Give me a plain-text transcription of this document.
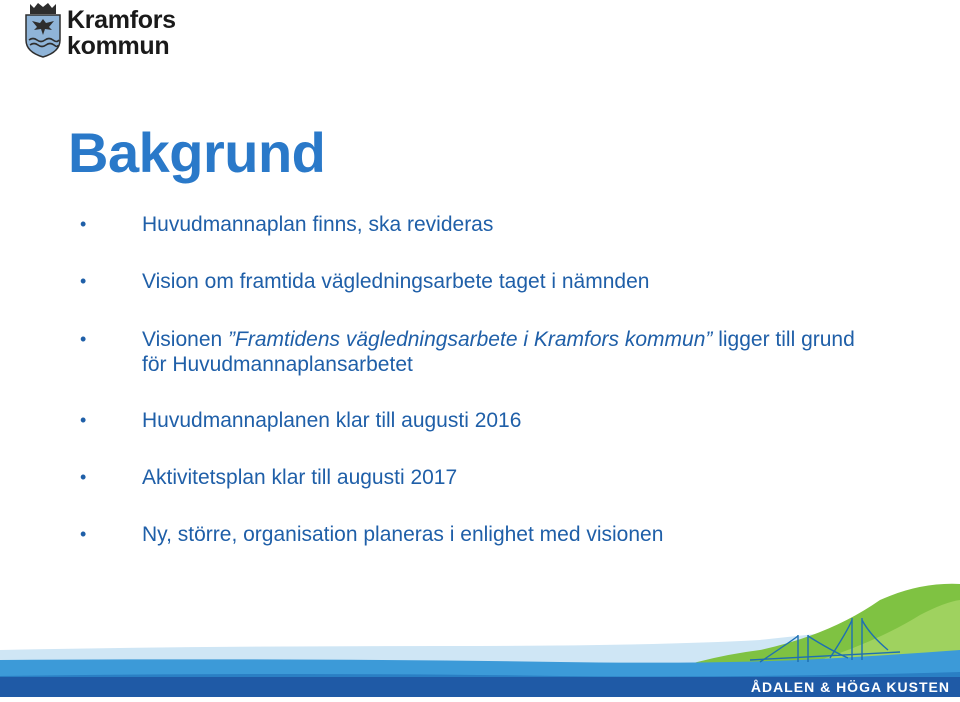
Kramfors
kommun
Bakgrund
•	Huvudmannaplan finns, ska revideras
•	Vision om framtida vägledningsarbete taget i nämnden
•	Visionen ”Framtidens vägledningsarbete i Kramfors kommun” ligger till grund för Huvudmannaplansarbetet
•	Huvudmannaplanen klar till augusti 2016
•	Aktivitetsplan klar till augusti 2017
•	Ny, större, organisation planeras i enlighet med visionen
ÅDALEN & HÖGA KUSTEN
